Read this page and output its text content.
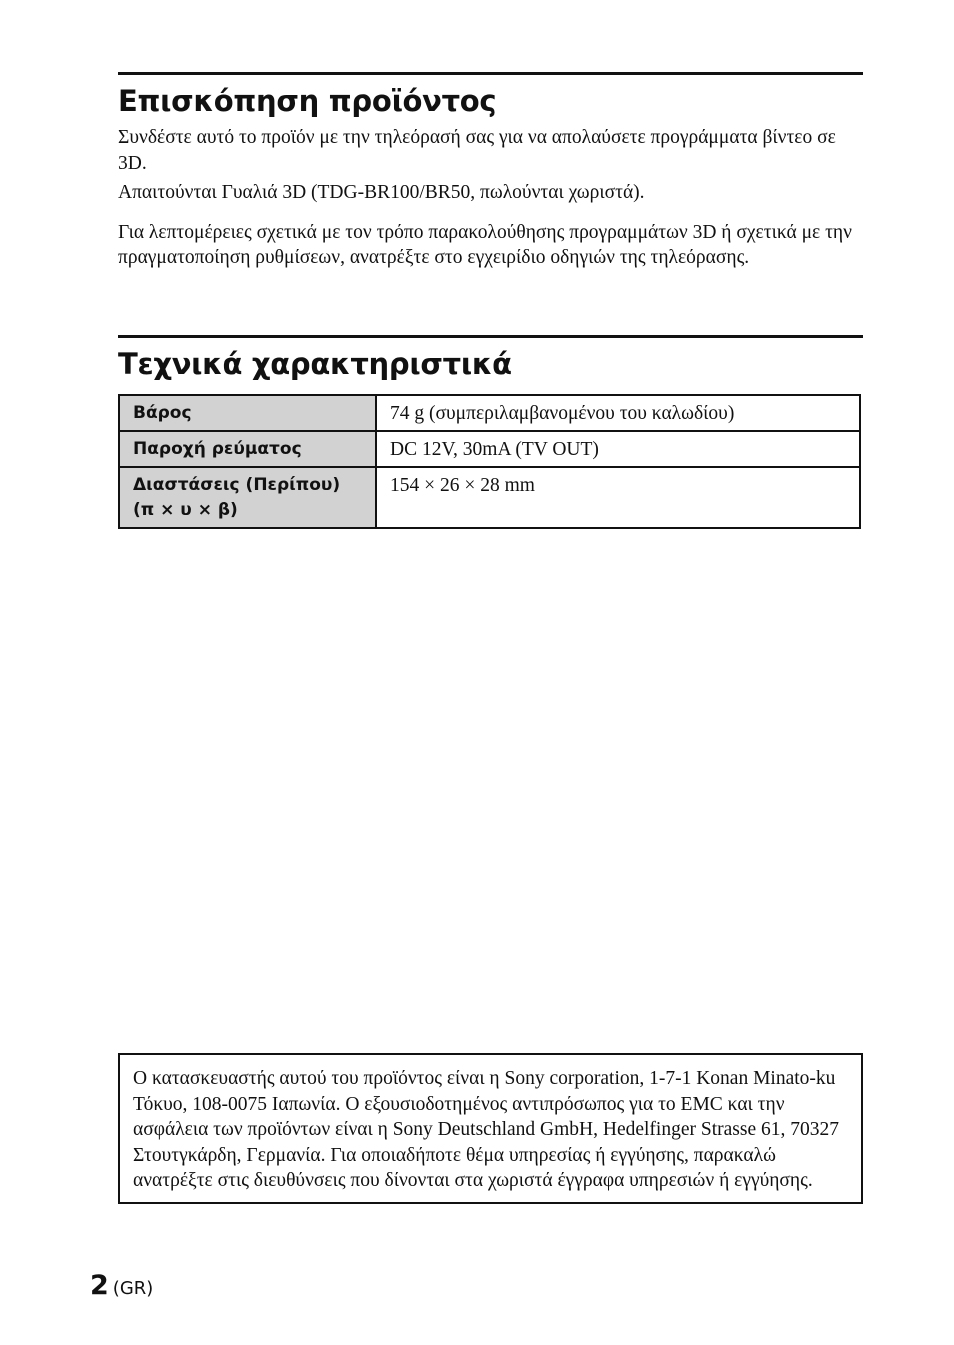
Επισκόπηση προϊόντος

Συνδέστε αυτό το προϊόν με την τηλεόρασή σας για να απολαύσετε προγράμματα βίντεο σε 3D.

Απαιτούνται Γυαλιά 3D (TDG-BR100/BR50, πωλούνται χωριστά).

Για λεπτομέρειες σχετικά με τον τρόπο παρακολούθησης προγραμμάτων 3D ή σχετικά με την πραγματοποίηση ρυθμίσεων, ανατρέξτε στο εγχειρίδιο οδηγιών της τηλεόρασης.

Τεχνικά χαρακτηριστικά
Βάρος	74 g (συμπεριλαμβανομένου του καλωδίου)
Παροχή ρεύματος	DC 12V, 30mA (TV OUT)
Διαστάσεις (Περίπου)
(π × υ × β)	154 × 26 × 28 mm

Ο κατασκευαστής αυτού του προϊόντος είναι η Sony corporation, 1-7-1 Konan Minato-ku Τόκυο, 108-0075 Ιαπωνία. Ο εξουσιοδοτημένος αντιπρόσωπος για το EMC και την ασφάλεια των προϊόντων είναι η Sony Deutschland GmbH, Hedelfinger Strasse 61, 70327 Στουτγκάρδη, Γερμανία. Για οποιαδήποτε θέμα υπηρεσίας ή εγγύησης, παρακαλώ ανατρέξτε στις διευθύνσεις που δίνονται στα χωριστά έγγραφα υπηρεσιών ή εγγύησης.

2 (GR)
